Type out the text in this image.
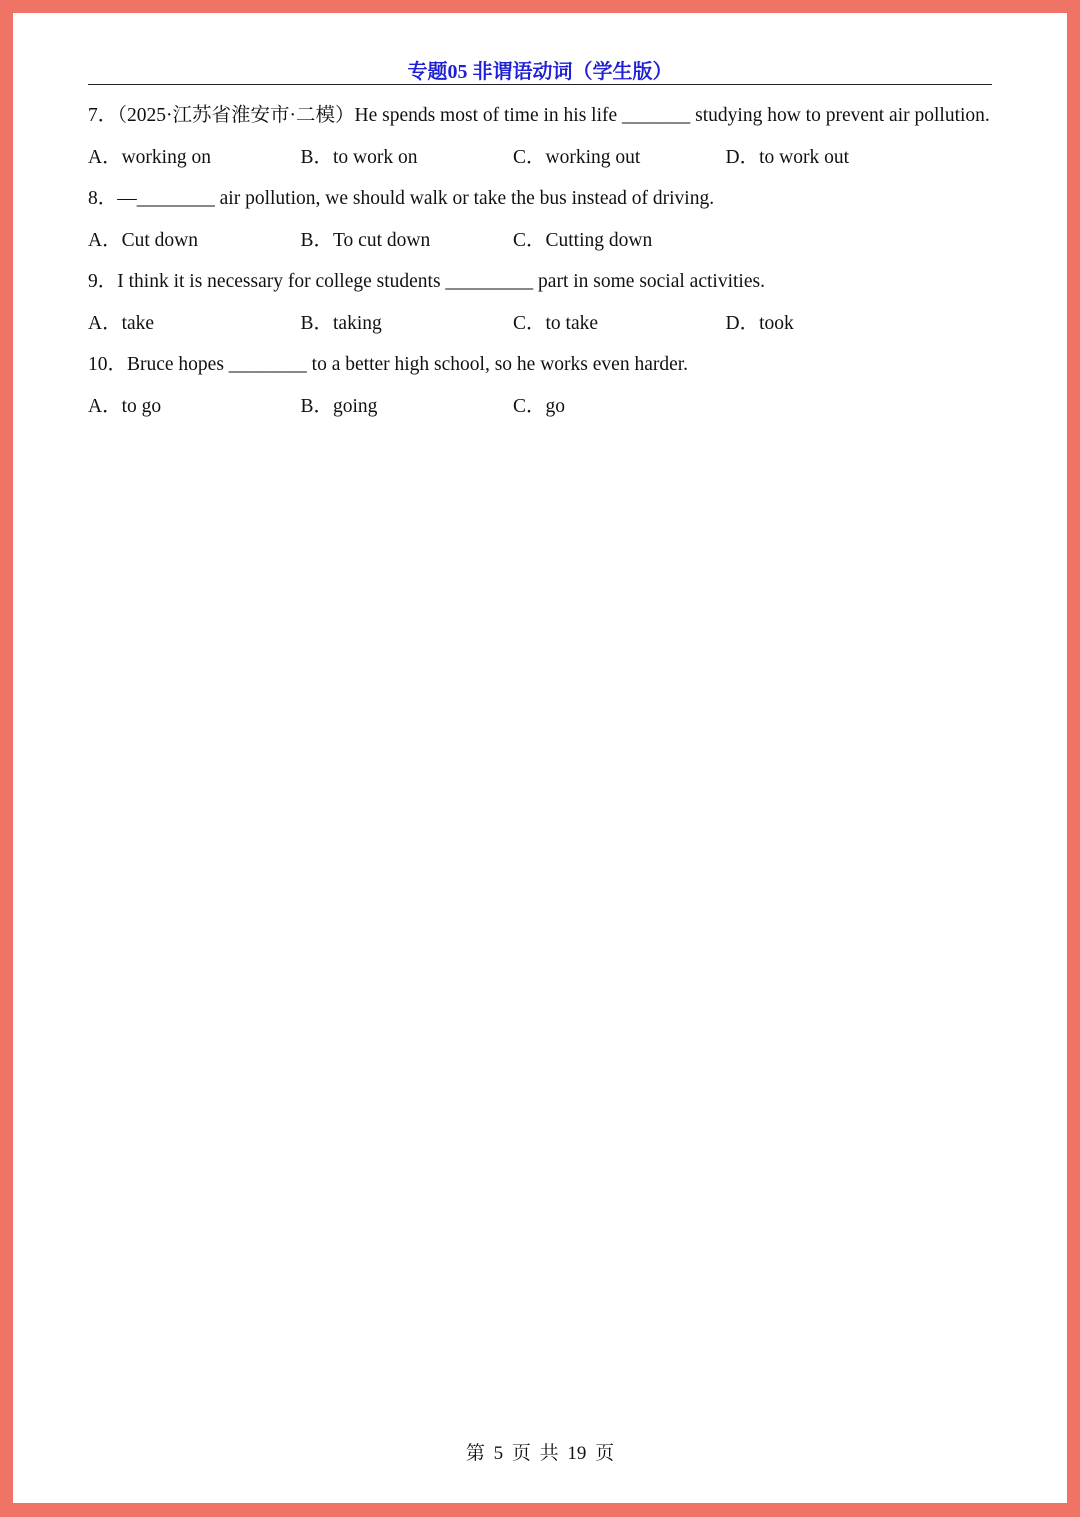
专题05 非谓语动词（学生版）
7．（2025·江苏省淮安市·二模）He spends most of time in his life _______ studying how to prevent air pollution.
A．working on	B．to work on	C．working out	D．to work out
8．—________ air pollution, we should walk or take the bus instead of driving.
A．Cut down	B．To cut down	C．Cutting down
9．I think it is necessary for college students _________ part in some social activities.
A．take	B．taking	C．to take	D．took
10．Bruce hopes ________ to a better high school, so he works even harder.
A．to go	B．going	C．go
第 5 页 共 19 页
